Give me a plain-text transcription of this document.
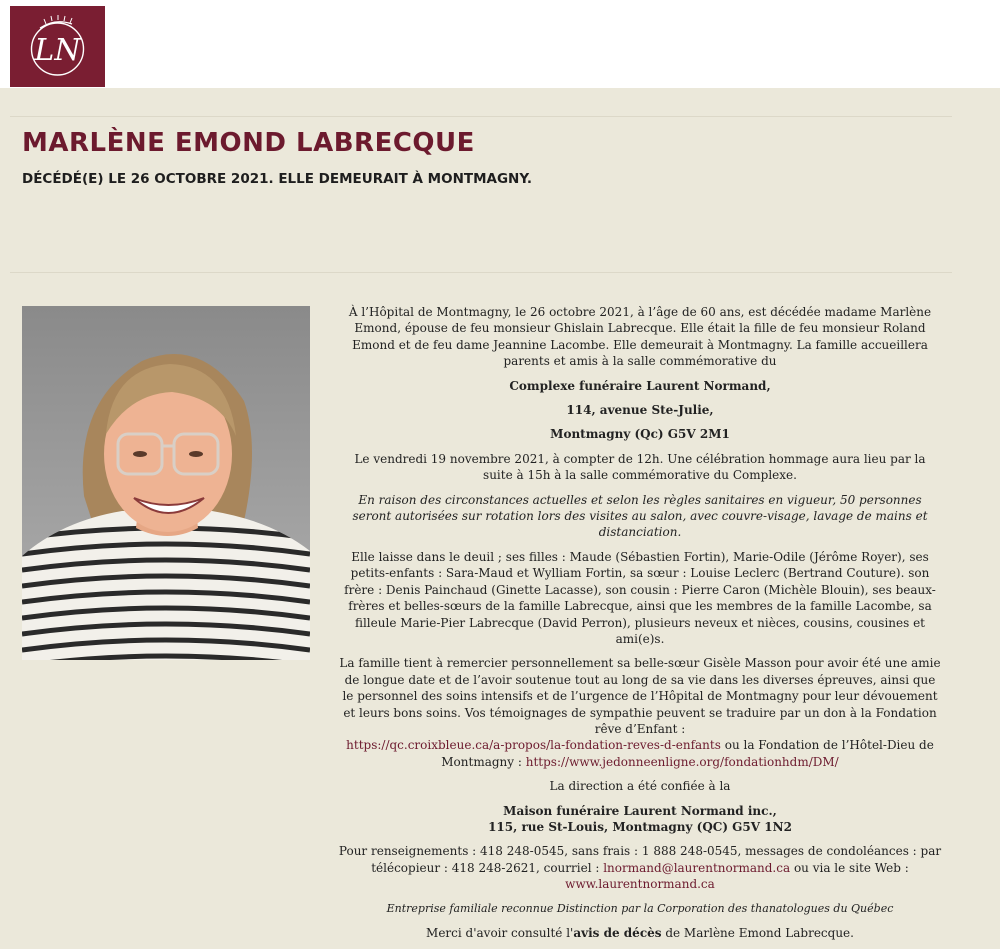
LN
MARLÈNE EMOND LABRECQUE
DÉCÉDÉ(E) LE 26 OCTOBRE 2021. ELLE DEMEURAIT À MONTMAGNY.

À l’Hôpital de Montmagny, le 26 octobre 2021, à l’âge de 60 ans, est décédée madame Marlène Emond, épouse de feu monsieur Ghislain Labrecque. Elle était la fille de feu monsieur Roland Emond et de feu dame Jeannine Lacombe. Elle demeurait à Montmagny. La famille accueillera parents et amis à la salle commémorative du

Complexe funéraire Laurent Normand,

114, avenue Ste-Julie,

Montmagny (Qc) G5V 2M1

Le vendredi 19 novembre 2021, à compter de 12h. Une célébration hommage aura lieu par la suite à 15h à la salle commémorative du Complexe.

En raison des circonstances actuelles et selon les règles sanitaires en vigueur, 50 personnes seront autorisées sur rotation lors des visites au salon, avec couvre-visage, lavage de mains et distanciation.

Elle laisse dans le deuil ; ses filles : Maude (Sébastien Fortin), Marie-Odile (Jérôme Royer), ses petits-enfants : Sara-Maud et Wylliam Fortin, sa sœur : Louise Leclerc (Bertrand Couture). son frère : Denis Painchaud (Ginette Lacasse), son cousin : Pierre Caron (Michèle Blouin), ses beaux-frères et belles-sœurs de la famille Labrecque, ainsi que les membres de la famille Lacombe, sa filleule Marie-Pier Labrecque (David Perron), plusieurs neveux et nièces, cousins, cousines et ami(e)s.

La famille tient à remercier personnellement sa belle-sœur Gisèle Masson pour avoir été une amie de longue date et de l’avoir soutenue tout au long de sa vie dans les diverses épreuves, ainsi que le personnel des soins intensifs et de l’urgence de l’Hôpital de Montmagny pour leur dévouement et leurs bons soins. Vos témoignages de sympathie peuvent se traduire par un don à la Fondation rêve d’Enfant :
https://qc.croixbleue.ca/a-propos/la-fondation-reves-d-enfants ou la Fondation de l’Hôtel-Dieu de Montmagny : https://www.jedonneenligne.org/fondationhdm/DM/

La direction a été confiée à la

Maison funéraire Laurent Normand inc.,
115, rue St-Louis, Montmagny (QC) G5V 1N2

Pour renseignements : 418 248-0545, sans frais : 1 888 248-0545, messages de condoléances : par télécopieur : 418 248-2621, courriel : lnormand@laurentnormand.ca ou via le site Web :
www.laurentnormand.ca

Entreprise familiale reconnue Distinction par la Corporation des thanatologues du Québec

Merci d'avoir consulté l'avis de décès de Marlène Emond Labrecque.
